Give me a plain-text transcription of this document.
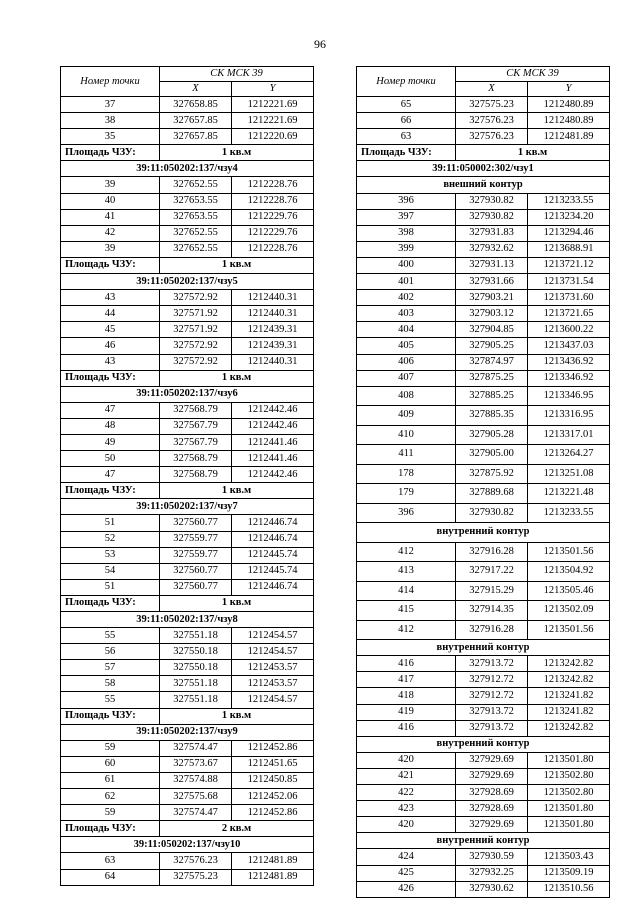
96
Номер точки	СК МСК 39	
	X	Y
37	327658.85	1212221.69
38	327657.85	1212221.69
35	327657.85	1212220.69
Площадь ЧЗУ:	1 кв.м	
39:11:050202:137/чзу4		
39	327652.55	1212228.76
40	327653.55	1212228.76
41	327653.55	1212229.76
42	327652.55	1212229.76
39	327652.55	1212228.76
Площадь ЧЗУ:	1 кв.м	
39:11:050202:137/чзу5		
43	327572.92	1212440.31
44	327571.92	1212440.31
45	327571.92	1212439.31
46	327572.92	1212439.31
43	327572.92	1212440.31
Площадь ЧЗУ:	1 кв.м	
39:11:050202:137/чзу6		
47	327568.79	1212442.46
48	327567.79	1212442.46
49	327567.79	1212441.46
50	327568.79	1212441.46
47	327568.79	1212442.46
Площадь ЧЗУ:	1 кв.м	
39:11:050202:137/чзу7		
51	327560.77	1212446.74
52	327559.77	1212446.74
53	327559.77	1212445.74
54	327560.77	1212445.74
51	327560.77	1212446.74
Площадь ЧЗУ:	1 кв.м	
39:11:050202:137/чзу8		
55	327551.18	1212454.57
56	327550.18	1212454.57
57	327550.18	1212453.57
58	327551.18	1212453.57
55	327551.18	1212454.57
Площадь ЧЗУ:	1 кв.м	
39:11:050202:137/чзу9		
59	327574.47	1212452.86
60	327573.67	1212451.65
61	327574.88	1212450.85
62	327575.68	1212452.06
59	327574.47	1212452.86
Площадь ЧЗУ:	2 кв.м	
39:11:050202:137/чзу10		
63	327576.23	1212481.89
64	327575.23	1212481.89
Номер точки	СК МСК 39	
	X	Y
65	327575.23	1212480.89
66	327576.23	1212480.89
63	327576.23	1212481.89
Площадь ЧЗУ:	1 кв.м	
39:11:050002:302/чзу1		
внешний контур		
396	327930.82	1213233.55
397	327930.82	1213234.20
398	327931.83	1213294.46
399	327932.62	1213688.91
400	327931.13	1213721.12
401	327931.66	1213731.54
402	327903.21	1213731.60
403	327903.12	1213721.65
404	327904.85	1213600.22
405	327905.25	1213437.03
406	327874.97	1213436.92
407	327875.25	1213346.92
408	327885.25	1213346.95
409	327885.35	1213316.95
410	327905.28	1213317.01
411	327905.00	1213264.27
178	327875.92	1213251.08
179	327889.68	1213221.48
396	327930.82	1213233.55
внутренний контур		
412	327916.28	1213501.56
413	327917.22	1213504.92
414	327915.29	1213505.46
415	327914.35	1213502.09
412	327916.28	1213501.56
внутренний контур		
416	327913.72	1213242.82
417	327912.72	1213242.82
418	327912.72	1213241.82
419	327913.72	1213241.82
416	327913.72	1213242.82
внутренний контур		
420	327929.69	1213501.80
421	327929.69	1213502.80
422	327928.69	1213502.80
423	327928.69	1213501.80
420	327929.69	1213501.80
внутренний контур		
424	327930.59	1213503.43
425	327932.25	1213509.19
426	327930.62	1213510.56
